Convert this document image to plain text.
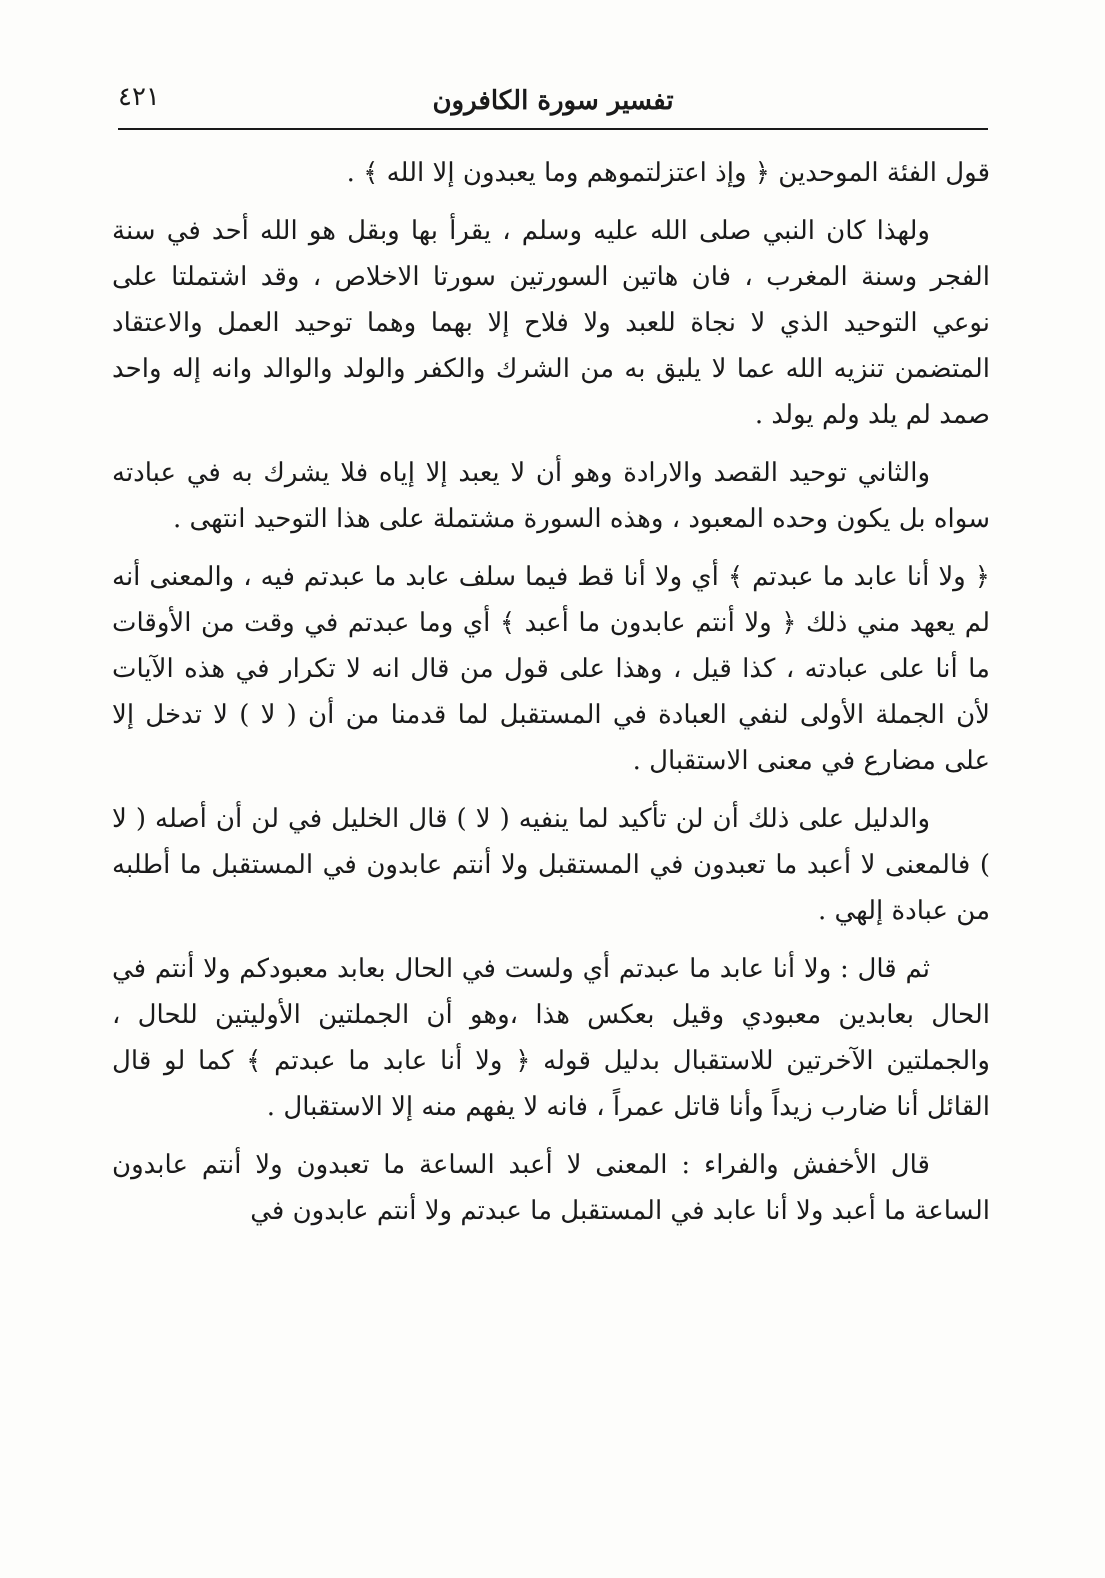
تفسير سورة الكافرون
٤٢١

قول الفئة الموحدين ﴿ وإذ اعتزلتموهم وما يعبدون إلا الله ﴾ .

ولهذا كان النبي صلى الله عليه وسلم ، يقرأ بها وبقل هو الله أحد في سنة الفجر وسنة المغرب ، فان هاتين السورتين سورتا الاخلاص ، وقد اشتملتا على نوعي التوحيد الذي لا نجاة للعبد ولا فلاح إلا بهما وهما توحيد العمل والاعتقاد المتضمن تنزيه الله عما لا يليق به من الشرك والكفر والولد والوالد وانه إله واحد صمد لم يلد ولم يولد .

والثاني توحيد القصد والارادة وهو أن لا يعبد إلا إياه فلا يشرك به في عبادته سواه بل يكون وحده المعبود ، وهذه السورة مشتملة على هذا التوحيد انتهى .

﴿ ولا أنا عابد ما عبدتم ﴾ أي ولا أنا قط فيما سلف عابد ما عبدتم فيه ، والمعنى أنه لم يعهد مني ذلك ﴿ ولا أنتم عابدون ما أعبد ﴾ أي وما عبدتم في وقت من الأوقات ما أنا على عبادته ، كذا قيل ، وهذا على قول من قال انه لا تكرار في هذه الآيات لأن الجملة الأولى لنفي العبادة في المستقبل لما قدمنا من أن ( لا ) لا تدخل إلا على مضارع في معنى الاستقبال .

والدليل على ذلك أن لن تأكيد لما ينفيه ( لا ) قال الخليل في لن أن أصله ( لا ) فالمعنى لا أعبد ما تعبدون في المستقبل ولا أنتم عابدون في المستقبل ما أطلبه من عبادة إلهي .

ثم قال : ولا أنا عابد ما عبدتم أي ولست في الحال بعابد معبودكم ولا أنتم في الحال بعابدين معبودي وقيل بعكس هذا ،وهو أن الجملتين الأوليتين للحال ، والجملتين الآخرتين للاستقبال بدليل قوله ﴿ ولا أنا عابد ما عبدتم ﴾ كما لو قال القائل أنا ضارب زيداً وأنا قاتل عمراً ، فانه لا يفهم منه إلا الاستقبال .

قال الأخفش والفراء : المعنى لا أعبد الساعة ما تعبدون ولا أنتم عابدون الساعة ما أعبد ولا أنا عابد في المستقبل ما عبدتم ولا أنتم عابدون في
